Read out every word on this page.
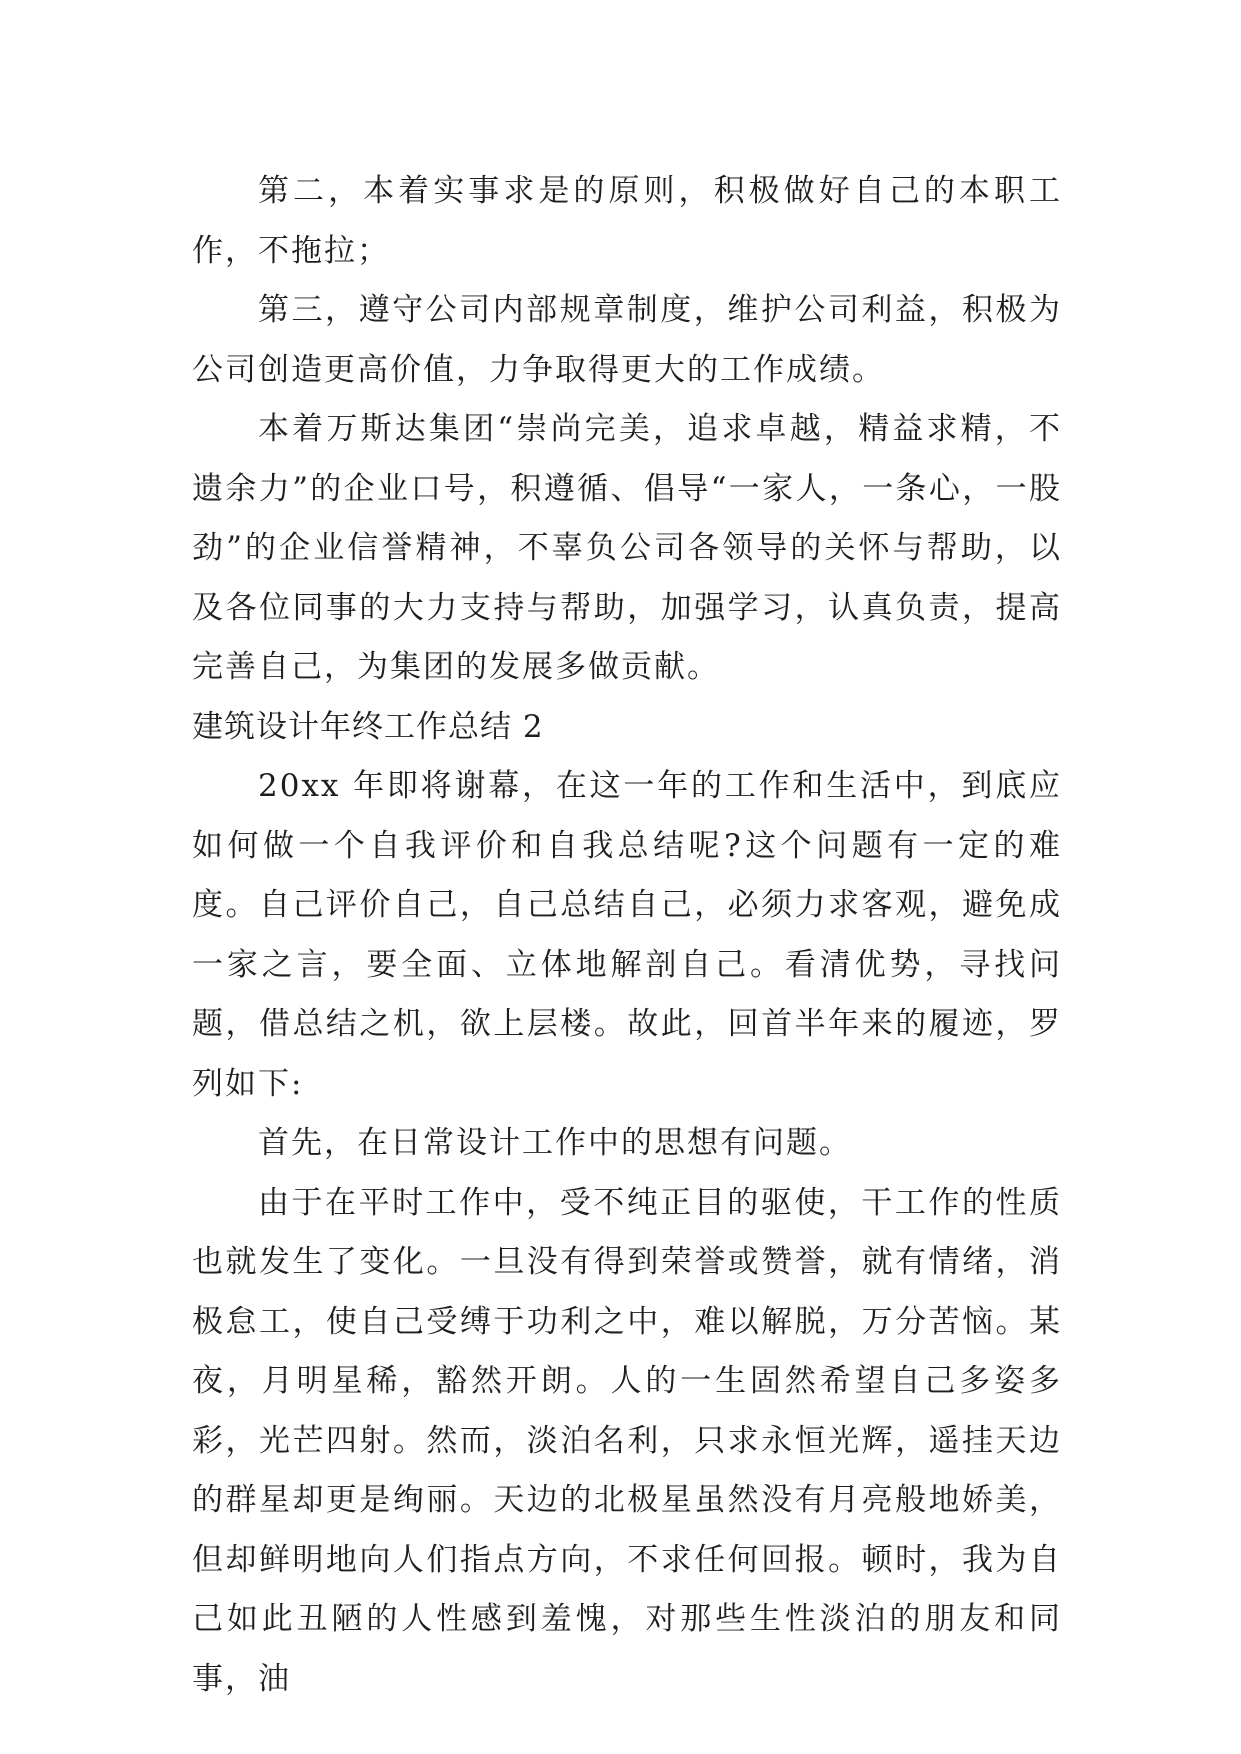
第二，本着实事求是的原则，积极做好自己的本职工作，不拖拉；

第三，遵守公司内部规章制度，维护公司利益，积极为公司创造更高价值，力争取得更大的工作成绩。

本着万斯达集团“崇尚完美，追求卓越，精益求精，不遗余力”的企业口号，积遵循、倡导“一家人，一条心，一股劲”的企业信誉精神，不辜负公司各领导的关怀与帮助，以及各位同事的大力支持与帮助，加强学习，认真负责，提高完善自己，为集团的发展多做贡献。

建筑设计年终工作总结 2

20xx 年即将谢幕，在这一年的工作和生活中，到底应如何做一个自我评价和自我总结呢?这个问题有一定的难度。自己评价自己，自己总结自己，必须力求客观，避免成一家之言，要全面、立体地解剖自己。看清优势，寻找问题，借总结之机，欲上层楼。故此，回首半年来的履迹，罗列如下:

首先，在日常设计工作中的思想有问题。

由于在平时工作中，受不纯正目的驱使，干工作的性质也就发生了变化。一旦没有得到荣誉或赞誉，就有情绪，消极怠工，使自己受缚于功利之中，难以解脱，万分苦恼。某夜，月明星稀，豁然开朗。人的一生固然希望自己多姿多彩，光芒四射。然而，淡泊名利，只求永恒光辉，遥挂天边的群星却更是绚丽。天边的北极星虽然没有月亮般地娇美，但却鲜明地向人们指点方向，不求任何回报。顿时，我为自己如此丑陋的人性感到羞愧，对那些生性淡泊的朋友和同事，油
